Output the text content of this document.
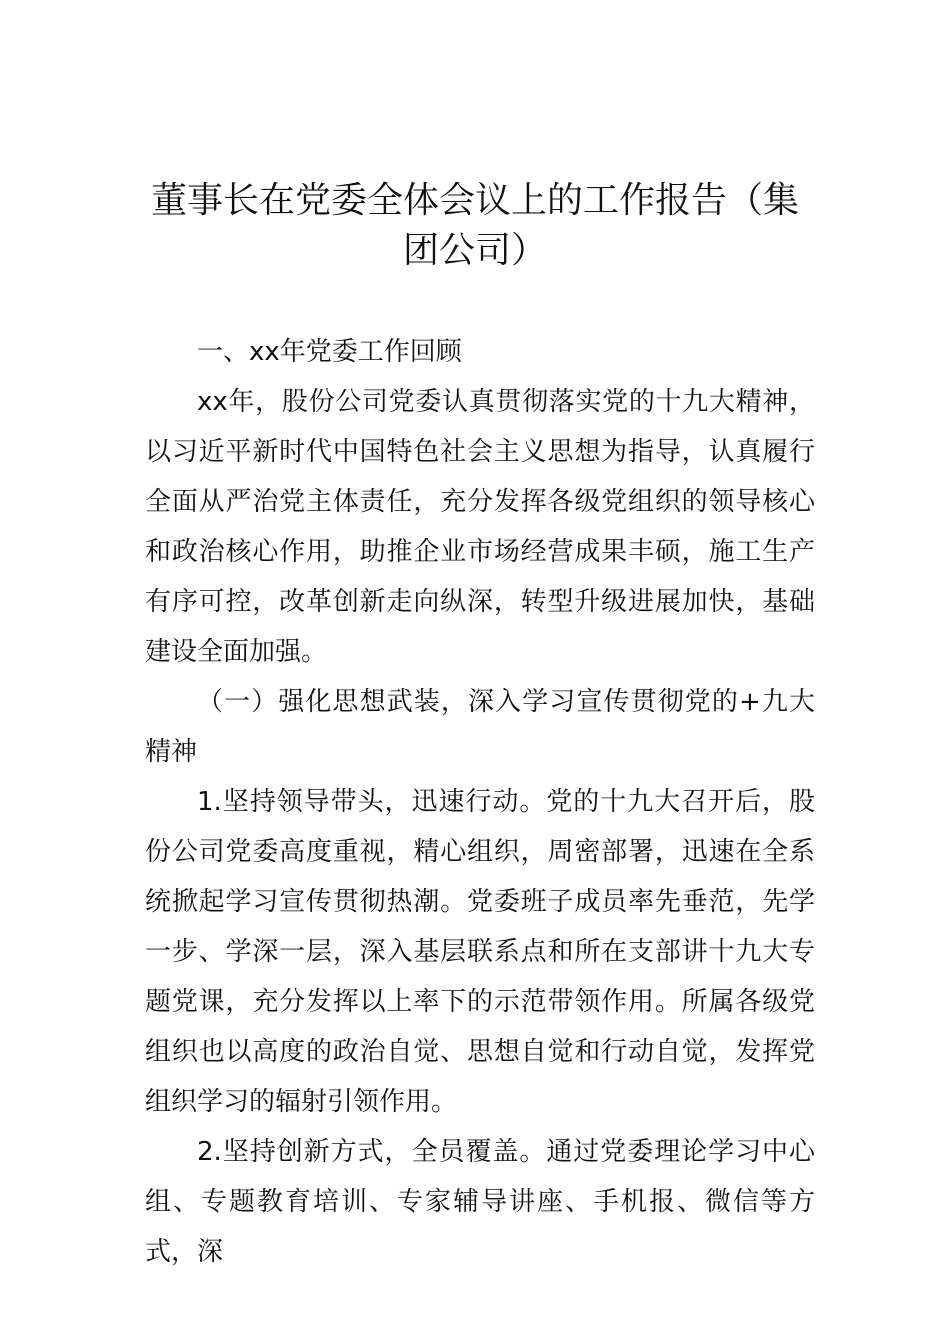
董事长在党委全体会议上的工作报告（集团公司）

一、xx年党委工作回顾

xx年，股份公司党委认真贯彻落实党的十九大精神，以习近平新时代中国特色社会主义思想为指导，认真履行全面从严治党主体责任，充分发挥各级党组织的领导核心和政治核心作用，助推企业市场经营成果丰硕，施工生产有序可控，改革创新走向纵深，转型升级进展加快，基础建设全面加强。

（一）强化思想武装，深入学习宣传贯彻党的+九大精神

1.坚持领导带头，迅速行动。党的十九大召开后，股份公司党委高度重视，精心组织，周密部署，迅速在全系统掀起学习宣传贯彻热潮。党委班子成员率先垂范，先学一步、学深一层，深入基层联系点和所在支部讲十九大专题党课，充分发挥以上率下的示范带领作用。所属各级党组织也以高度的政治自觉、思想自觉和行动自觉，发挥党组织学习的辐射引领作用。

2.坚持创新方式，全员覆盖。通过党委理论学习中心组、专题教育培训、专家辅导讲座、手机报、微信等方式，深
